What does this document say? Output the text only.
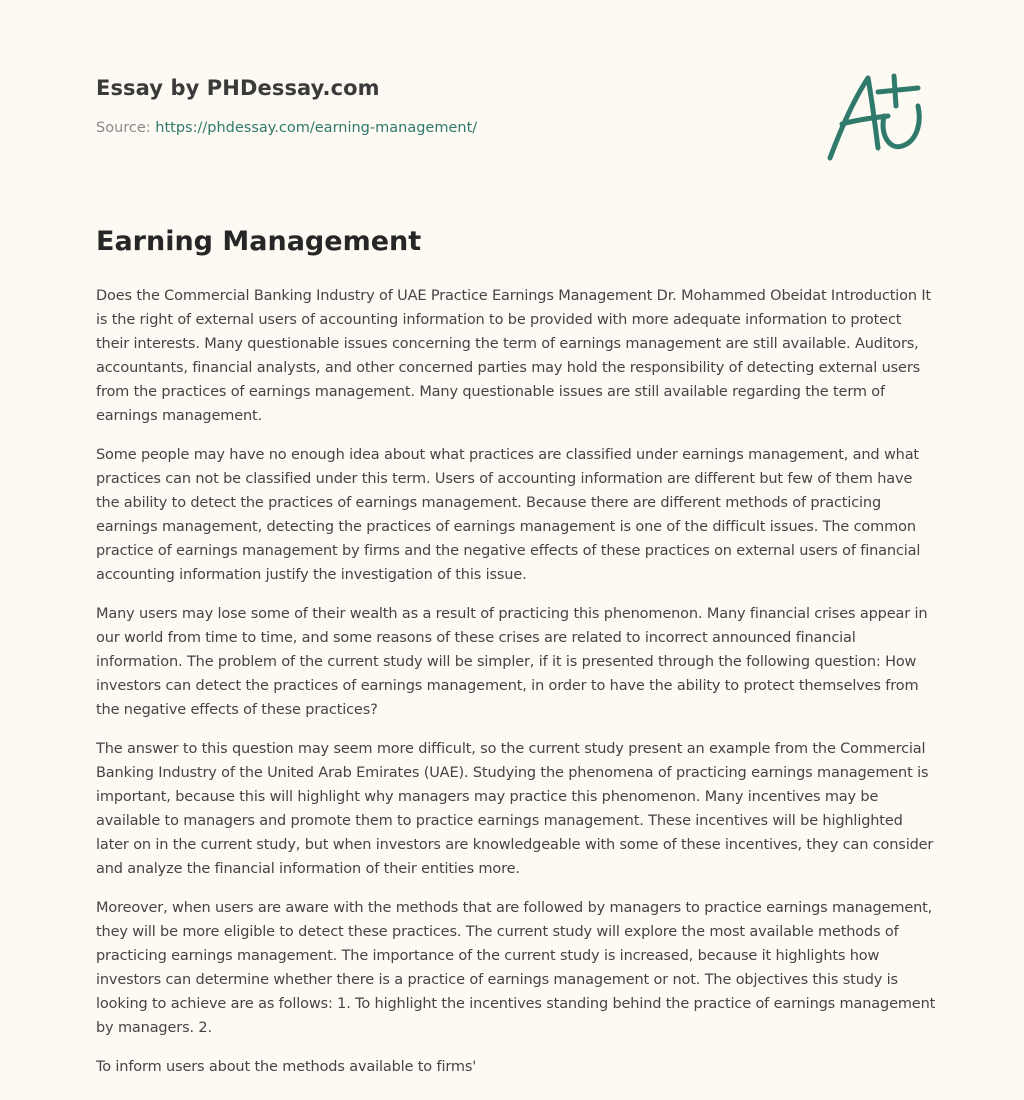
Essay by PHDessay.com
Source: https://phdessay.com/earning-management/
Earning Management

Does the Commercial Banking Industry of UAE Practice Earnings Management Dr. Mohammed Obeidat Introduction It is the right of external users of accounting information to be provided with more adequate information to protect their interests. Many questionable issues concerning the term of earnings management are still available. Auditors, accountants, financial analysts, and other concerned parties may hold the responsibility of detecting external users from the practices of earnings management. Many questionable issues are still available regarding the term of earnings management.

Some people may have no enough idea about what practices are classified under earnings management, and what practices can not be classified under this term. Users of accounting information are different but few of them have the ability to detect the practices of earnings management. Because there are different methods of practicing earnings management, detecting the practices of earnings management is one of the difficult issues. The common practice of earnings management by firms and the negative effects of these practices on external users of financial accounting information justify the investigation of this issue.

Many users may lose some of their wealth as a result of practicing this phenomenon. Many financial crises appear in our world from time to time, and some reasons of these crises are related to incorrect announced financial information. The problem of the current study will be simpler, if it is presented through the following question: How investors can detect the practices of earnings management, in order to have the ability to protect themselves from the negative effects of these practices?

The answer to this question may seem more difficult, so the current study present an example from the Commercial Banking Industry of the United Arab Emirates (UAE). Studying the phenomena of practicing earnings management is important, because this will highlight why managers may practice this phenomenon. Many incentives may be available to managers and promote them to practice earnings management. These incentives will be highlighted later on in the current study, but when investors are knowledgeable with some of these incentives, they can consider and analyze the financial information of their entities more.

Moreover, when users are aware with the methods that are followed by managers to practice earnings management, they will be more eligible to detect these practices. The current study will explore the most available methods of practicing earnings management. The importance of the current study is increased, because it highlights how investors can determine whether there is a practice of earnings management or not. The objectives this study is looking to achieve are as follows: 1. To highlight the incentives standing behind the practice of earnings management by managers. 2.

To inform users about the methods available to firms'
